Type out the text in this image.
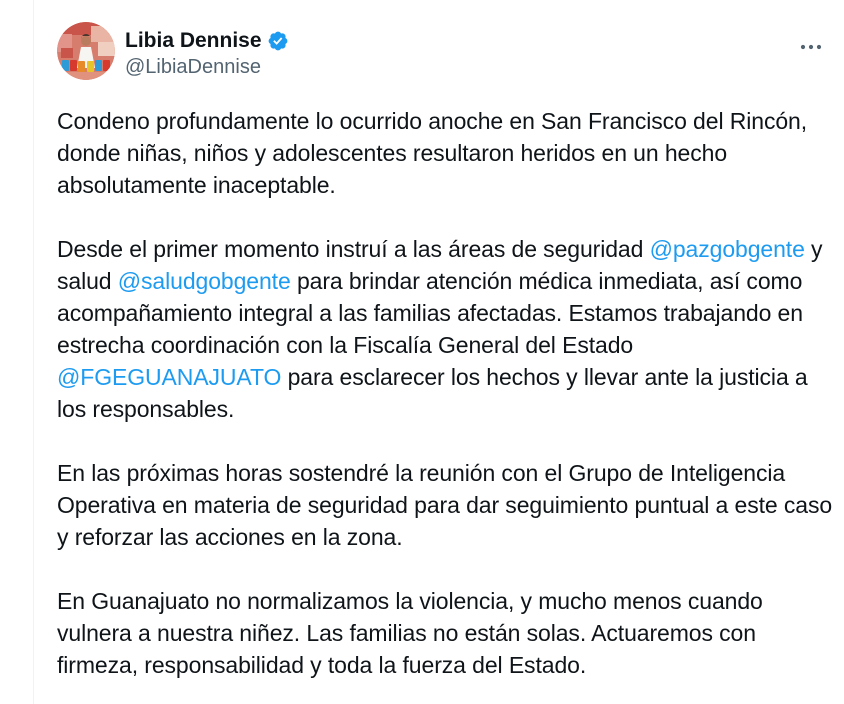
Libia Dennise
@LibiaDennise

Condeno profundamente lo ocurrido anoche en San Francisco del Rincón, donde niñas, niños y adolescentes resultaron heridos en un hecho absolutamente inaceptable.

Desde el primer momento instruí a las áreas de seguridad @pazgobgente y salud @saludgobgente para brindar atención médica inmediata, así como acompañamiento integral a las familias afectadas. Estamos trabajando en estrecha coordinación con la Fiscalía General del Estado @FGEGUANAJUATO para esclarecer los hechos y llevar ante la justicia a los responsables.

En las próximas horas sostendré la reunión con el Grupo de Inteligencia Operativa en materia de seguridad para dar seguimiento puntual a este caso y reforzar las acciones en la zona.

En Guanajuato no normalizamos la violencia, y mucho menos cuando vulnera a nuestra niñez. Las familias no están solas. Actuaremos con firmeza, responsabilidad y toda la fuerza del Estado.
